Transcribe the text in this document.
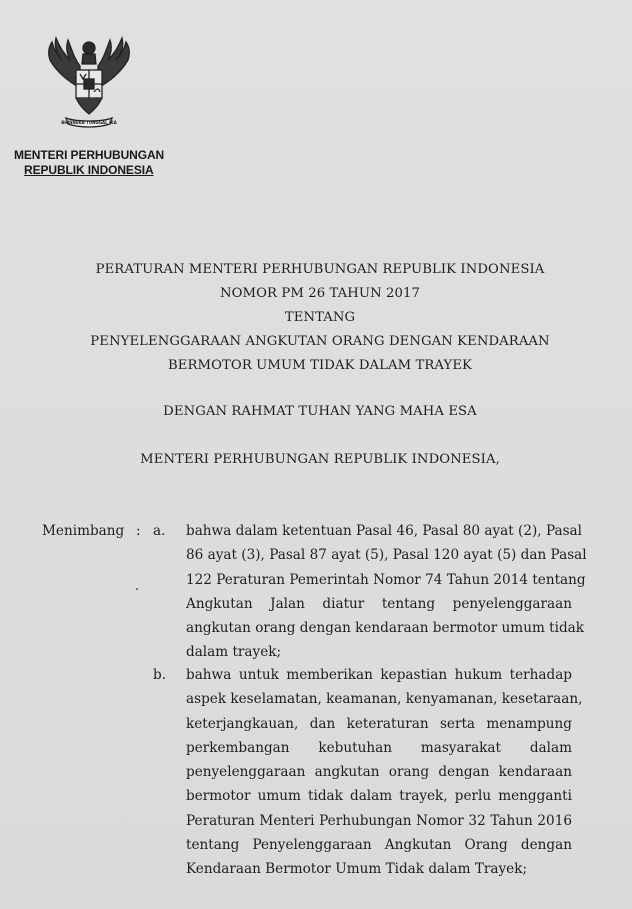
BHINNEKA TUNGGAL IKA
MENTERI PERHUBUNGAN
REPUBLIK INDONESIA
PERATURAN MENTERI PERHUBUNGAN REPUBLIK INDONESIA
NOMOR PM 26 TAHUN 2017
TENTANG
PENYELENGGARAAN ANGKUTAN ORANG DENGAN KENDARAAN
BERMOTOR UMUM TIDAK DALAM TRAYEK
DENGAN RAHMAT TUHAN YANG MAHA ESA
MENTERI PERHUBUNGAN REPUBLIK INDONESIA,
Menimbang : a. bahwa dalam ketentuan Pasal 46, Pasal 80 ayat (2), Pasal
86 ayat (3), Pasal 87 ayat (5), Pasal 120 ayat (5) dan Pasal
122 Peraturan Pemerintah Nomor 74 Tahun 2014 tentang
Angkutan Jalan diatur tentang penyelenggaraan
angkutan orang dengan kendaraan bermotor umum tidak
dalam trayek;
b. bahwa untuk memberikan kepastian hukum terhadap
aspek keselamatan, keamanan, kenyamanan, kesetaraan,
keterjangkauan, dan keteraturan serta menampung
perkembangan kebutuhan masyarakat dalam
penyelenggaraan angkutan orang dengan kendaraan
bermotor umum tidak dalam trayek, perlu mengganti
Peraturan Menteri Perhubungan Nomor 32 Tahun 2016
tentang Penyelenggaraan Angkutan Orang dengan
Kendaraan Bermotor Umum Tidak dalam Trayek;
